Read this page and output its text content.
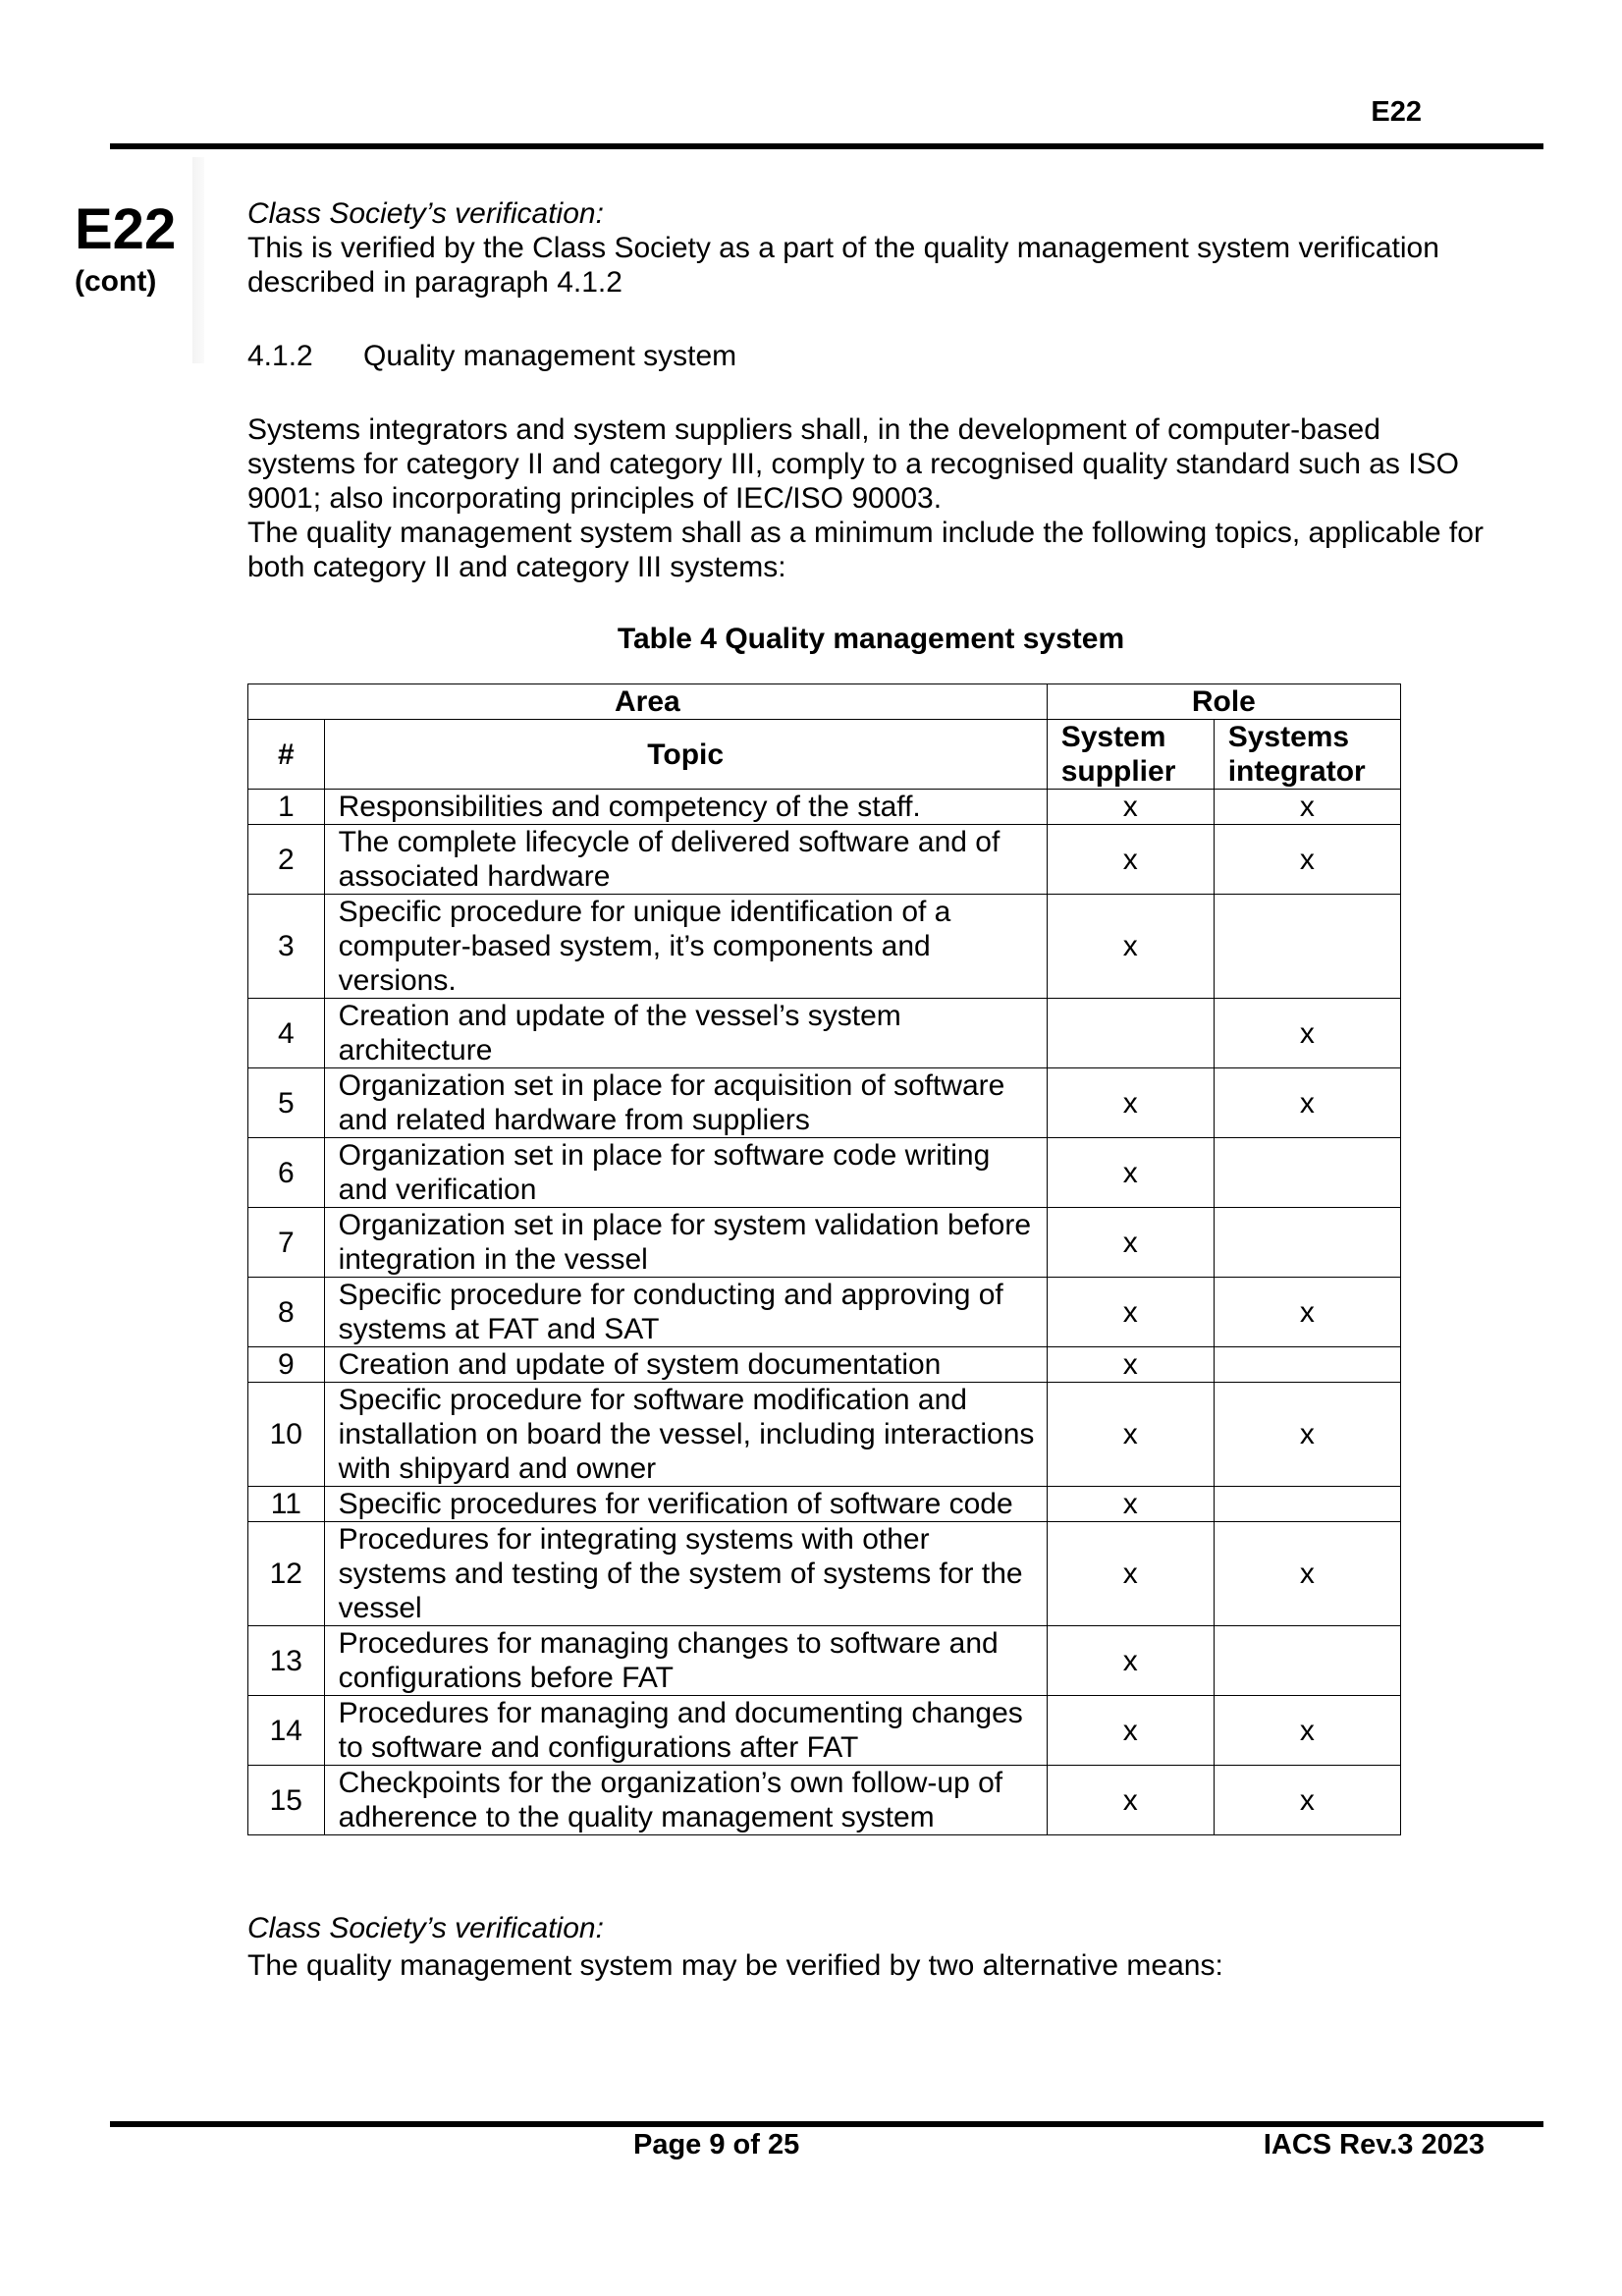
E22
E22
(cont)

Class Society’s verification:

This is verified by the Class Society as a part of the quality management system verification described in paragraph 4.1.2

4.1.2 Quality management system

Systems integrators and system suppliers shall, in the development of computer-based systems for category II and category III, comply to a recognised quality standard such as ISO 9001; also incorporating principles of IEC/ISO 90003.

The quality management system shall as a minimum include the following topics, applicable for both category II and category III systems:

Table 4 Quality management system
Area		Role	
#	Topic	System supplier	Systems integrator
1	Responsibilities and competency of the staff.	x	x
2	The complete lifecycle of delivered software and of associated hardware	x	x
3	Specific procedure for unique identification of a computer-based system, it’s components and versions.	x	
4	Creation and update of the vessel’s system architecture		x
5	Organization set in place for acquisition of software and related hardware from suppliers	x	x
6	Organization set in place for software code writing and verification	x	
7	Organization set in place for system validation before integration in the vessel	x	
8	Specific procedure for conducting and approving of systems at FAT and SAT	x	x
9	Creation and update of system documentation	x	
10	Specific procedure for software modification and installation on board the vessel, including interactions with shipyard and owner	x	x
11	Specific procedures for verification of software code	x	
12	Procedures for integrating systems with other systems and testing of the system of systems for the vessel	x	x
13	Procedures for managing changes to software and configurations before FAT	x	
14	Procedures for managing and documenting changes to software and configurations after FAT	x	x
15	Checkpoints for the organization’s own follow-up of adherence to the quality management system	x	x

Class Society’s verification:

The quality management system may be verified by two alternative means:

Page 9 of 25	IACS Rev.3 2023
